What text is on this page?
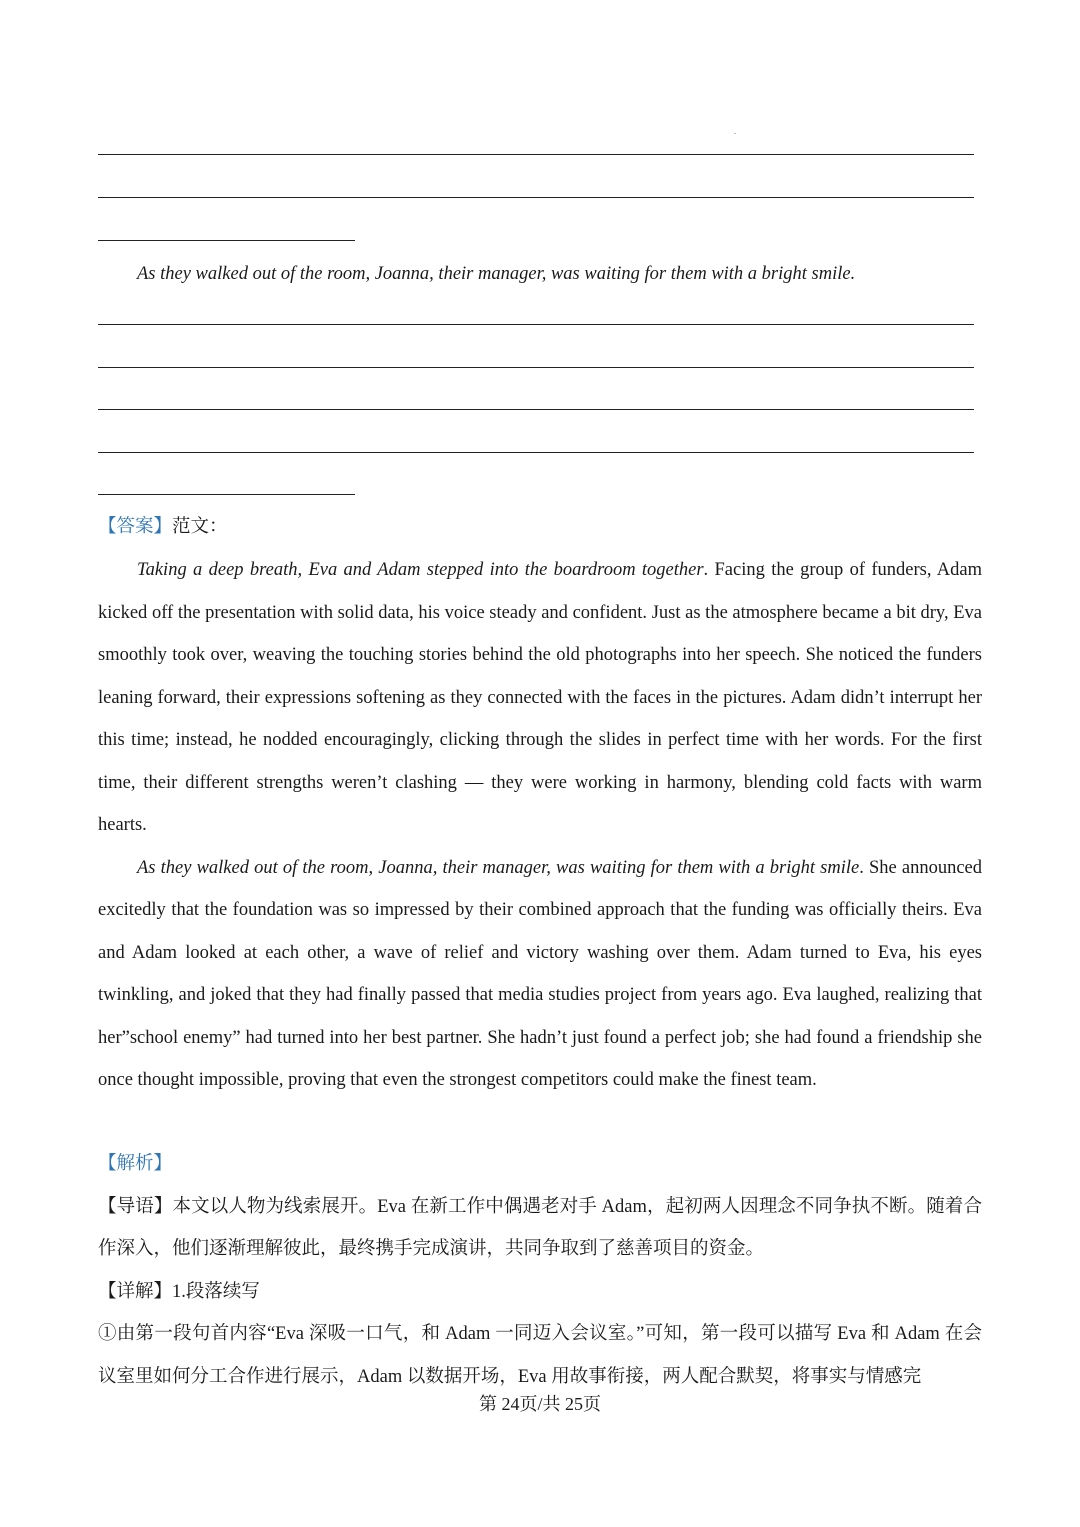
As they walked out of the room, Joanna, their manager, was waiting for them with a bright smile.
【答案】范文：

Taking a deep breath, Eva and Adam stepped into the boardroom together. Facing the group of funders, Adam kicked off the presentation with solid data, his voice steady and confident. Just as the atmosphere became a bit dry, Eva smoothly took over, weaving the touching stories behind the old photographs into her speech. She noticed the funders leaning forward, their expressions softening as they connected with the faces in the pictures. Adam didn’t interrupt her this time; instead, he nodded encouragingly, clicking through the slides in perfect time with her words. For the first time, their different strengths weren’t clashing — they were working in harmony, blending cold facts with warm hearts.

As they walked out of the room, Joanna, their manager, was waiting for them with a bright smile. She announced excitedly that the foundation was so impressed by their combined approach that the funding was officially theirs. Eva and Adam looked at each other, a wave of relief and victory washing over them. Adam turned to Eva, his eyes twinkling, and joked that they had finally passed that media studies project from years ago. Eva laughed, realizing that her”school enemy” had turned into her best partner. She hadn’t just found a perfect job; she had found a friendship she once thought impossible, proving that even the strongest competitors could make the finest team.

【解析】

【导语】本文以人物为线索展开。Eva 在新工作中偶遇老对手 Adam，起初两人因理念不同争执不断。随着合作深入，他们逐渐理解彼此，最终携手完成演讲，共同争取到了慈善项目的资金。

【详解】1.段落续写

①由第一段句首内容“Eva 深吸一口气，和 Adam 一同迈入会议室。”可知，第一段可以描写 Eva 和 Adam 在会议室里如何分工合作进行展示，Adam 以数据开场，Eva 用故事衔接，两人配合默契，将事实与情感完

第 24页/共 25页
